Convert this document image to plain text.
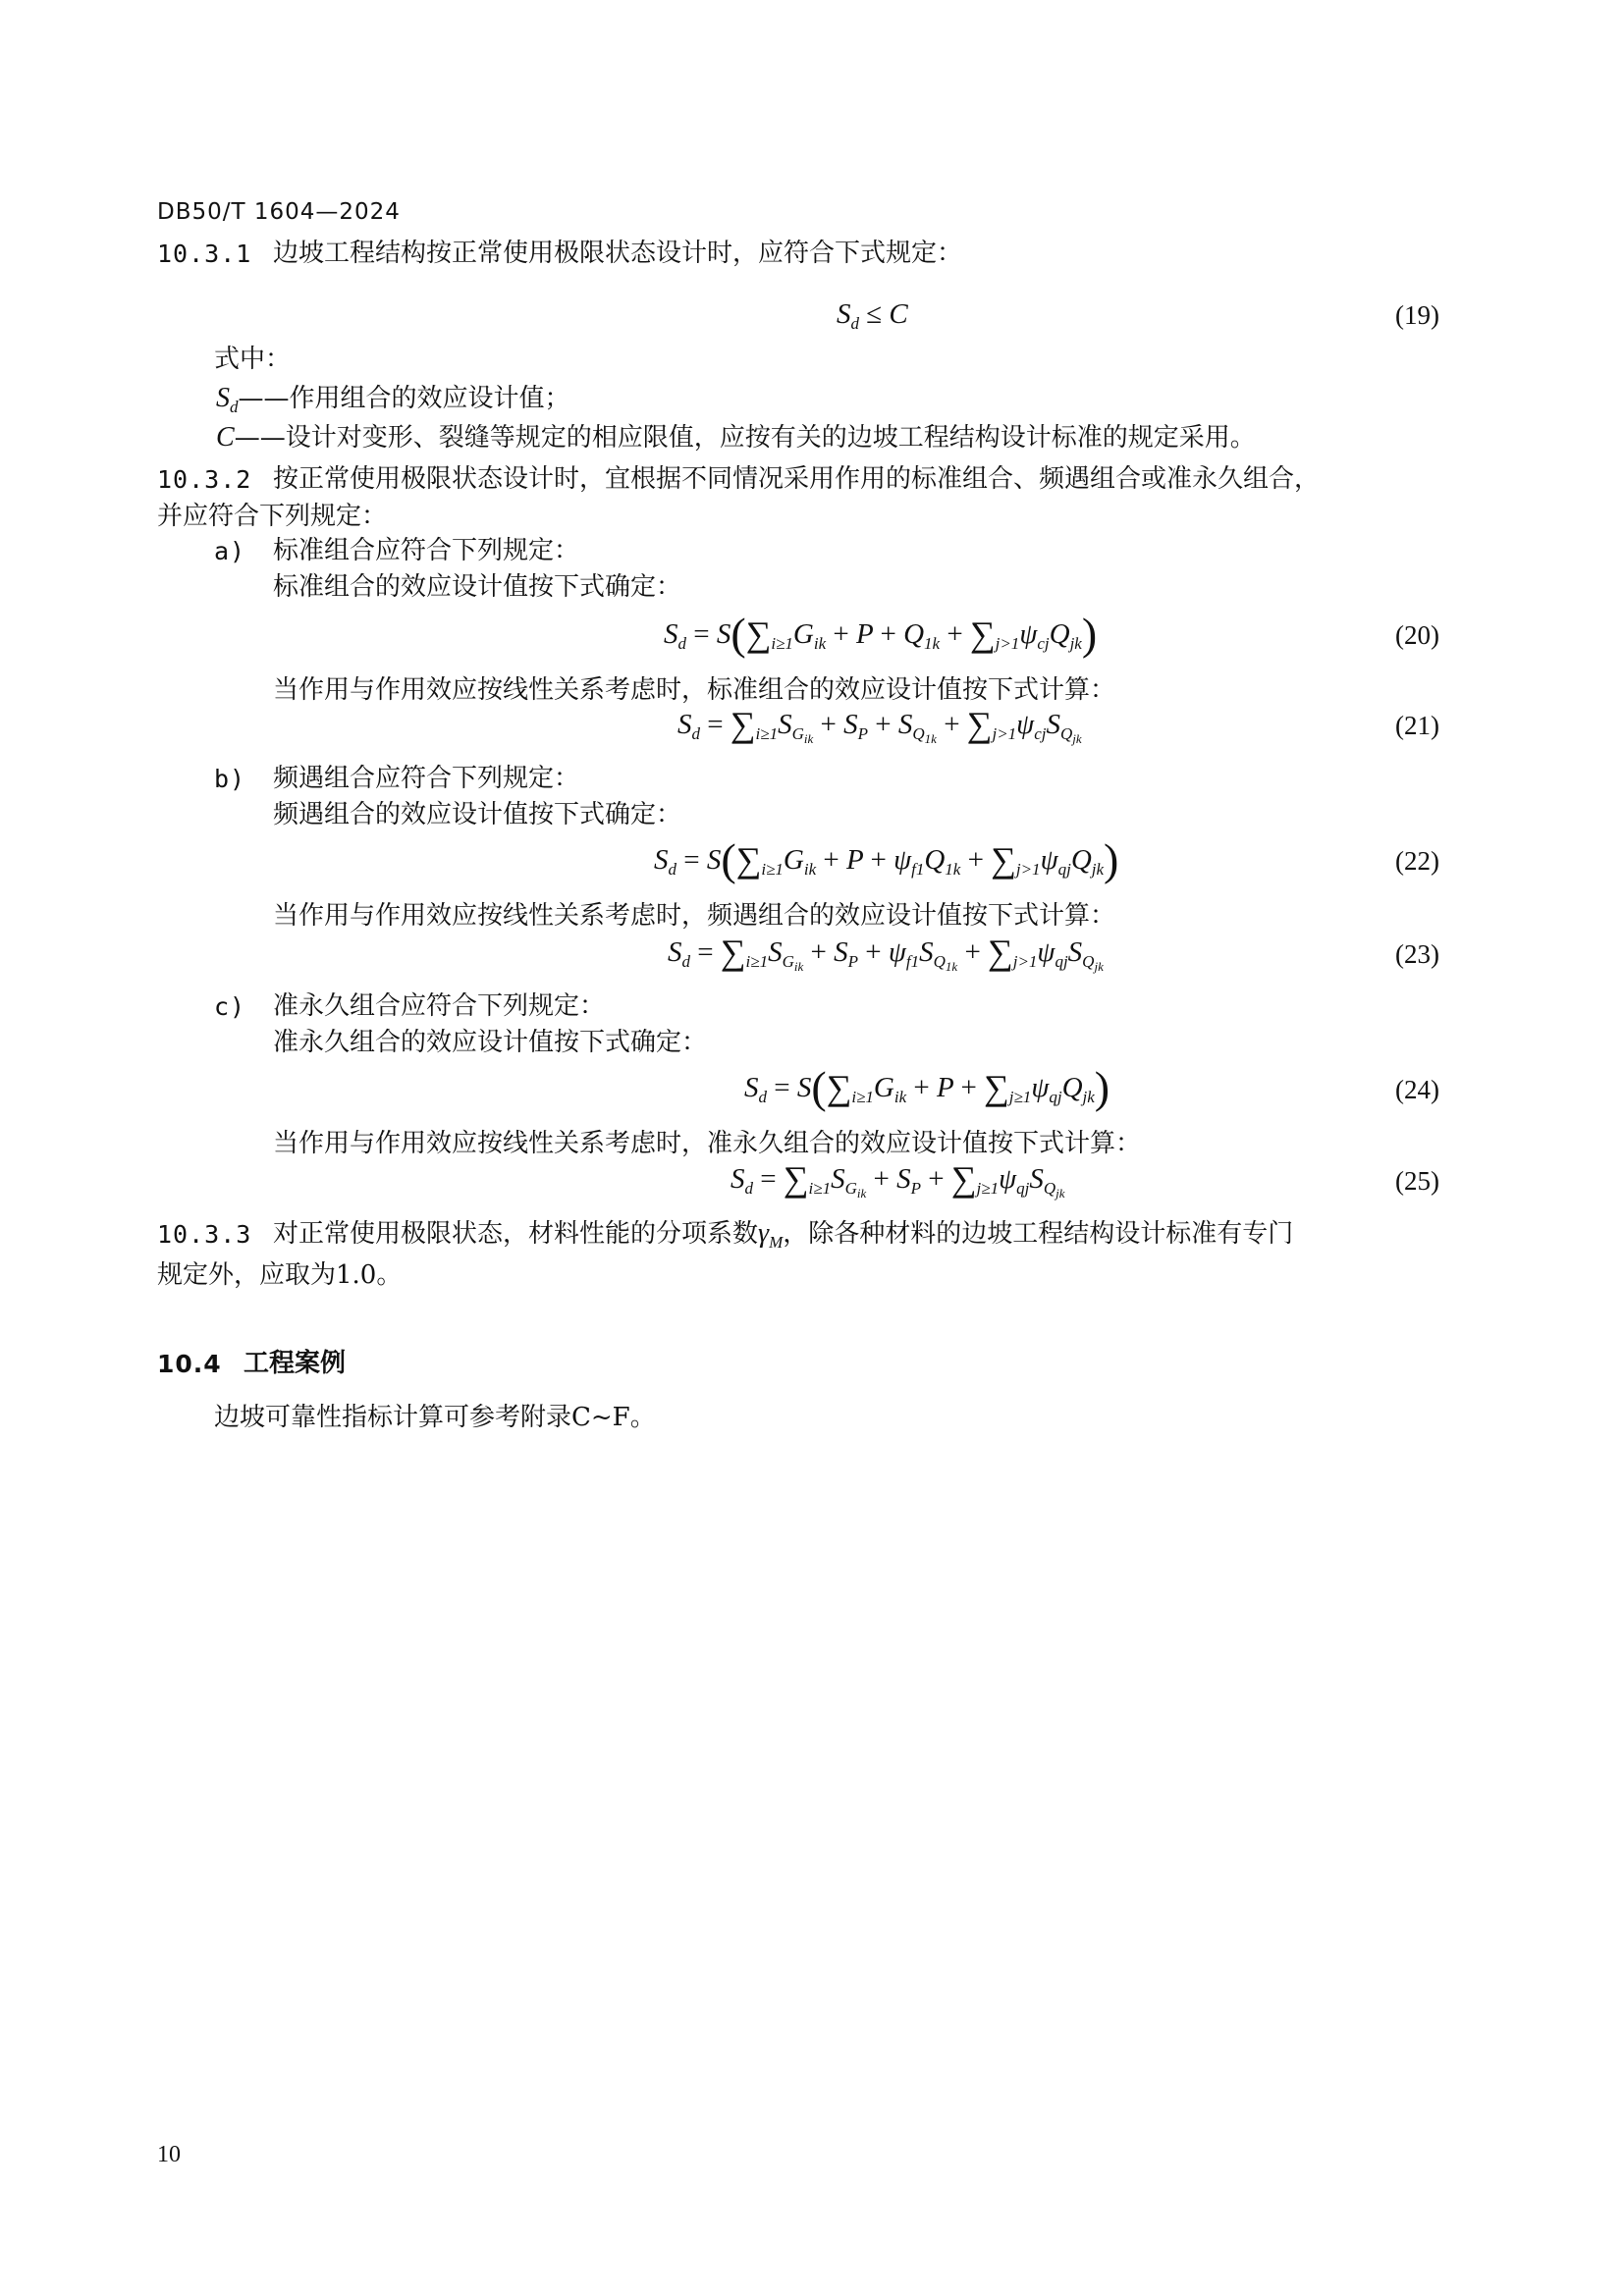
DB50/T 1604—2024
10.3.1 边坡工程结构按正常使用极限状态设计时，应符合下式规定：
$S_d \le C$	(19)
式中：
$S_d——$作用组合的效应设计值；
C——设计对变形、裂缝等规定的相应限值，应按有关的边坡工程结构设计标准的规定采用。
10.3.2 按正常使用极限状态设计时，宜根据不同情况采用作用的标准组合、频遇组合或准永久组合，
并应符合下列规定：
a) 标准组合应符合下列规定：
标准组合的效应设计值按下式确定：
$S_d = S(\sum_{i\ge 1}G_{ik} + P + Q_{1k} + \sum_{j>1}\psi_{cj}Q_{jk})$	(20)
当作用与作用效应按线性关系考虑时，标准组合的效应设计值按下式计算：
$S_d = \sum_{i\ge 1}S_{G_{ik}} + S_P + S_{Q_{1k}} + \sum_{j>1}\psi_{cj}S_{Q_{jk}}$	(21)
b) 频遇组合应符合下列规定：
频遇组合的效应设计值按下式确定：
$S_d = S(\sum_{i\ge 1}G_{ik} + P + \psi_{f1}Q_{1k} + \sum_{j>1}\psi_{qj}Q_{jk})$	(22)
当作用与作用效应按线性关系考虑时，频遇组合的效应设计值按下式计算：
$S_d = \sum_{i\ge 1}S_{G_{ik}} + S_P + \psi_{f1}S_{Q_{1k}} + \sum_{j>1}\psi_{qj}S_{Q_{jk}}$	(23)
c) 准永久组合应符合下列规定：
准永久组合的效应设计值按下式确定：
$S_d = S(\sum_{i\ge 1}G_{ik} + P + \sum_{j\ge 1}\psi_{qj}Q_{jk})$	(24)
当作用与作用效应按线性关系考虑时，准永久组合的效应设计值按下式计算：
$S_d = \sum_{i\ge 1}S_{G_{ik}} + S_P + \sum_{j\ge 1}\psi_{qj}S_{Q_{jk}}$	(25)
10.3.3 对正常使用极限状态，材料性能的分项系数$\gamma_M$，除各种材料的边坡工程结构设计标准有专门
规定外，应取为1.0。
10.4 工程案例
边坡可靠性指标计算可参考附录C~F。
10
